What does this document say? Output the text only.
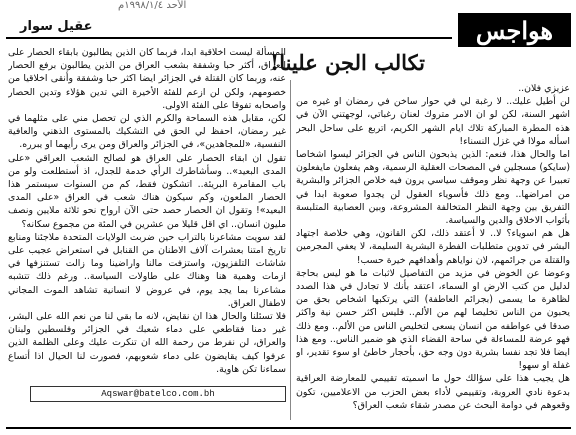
الأحد ١٩٩٨/١/٤م
هواجس
عقيل سوار
تكالب الجن علينا!

عزيزي فلان..

لن أطيل عليك.. لا رغبة لي في حوار ساخن في رمضان او غيره من اشهر السنة، لكن لو ان الامر متروك لعنان رغباتي، لوجهتني الآن في هذه المطرة المباركة تلاك ايام الشهر الكريم، اتربع على ساحل البحر اسأله مولاا في غزل النسناء!

اما والحال هذا، فنعم: الذين يذبحون الناس في الجزائر ليسوا اشخاصا (سايكو) مسجلين في المصحات العقلية الرسمية، وهم يفعلون مايفعلون تعبيرا عن وجهة نظر وموقف سياسي يرون فيه خلاص الجزائر والبشرية من امراضها.. ومع ذلك فأسوياء العقول لن يجدوا صعوبة ابدا في التفريق بين وجهة النظر المتخالفة المشروعة، وبين العصابية المتلبسة بأثواب الاخلاق والدين والسياسة.

هل هم اسوياء؟ لا.. لا أعتقد ذلك، لكن القانون، وهي خلاصة اجتهاد البشر في تدوين متطلبات الفطرة البشرية السليمة، لا يعفي المجرمين والقتلة من جرائمهم، لان نواياهم وأهدافهم خيرة حسب!

وعوضا عن الخوض في مزيد من التفاصيل لاثبات ما هو ليس بحاجة لدليل من كتب الارض او السماء، اعتقد بأنك لا تجادل في هذا الصدد لظاهرة ما يسمى (بجرائم العاطفة) التي يرتكبها اشخاص بحق من يحبون من الناس تخليصا لهم من الألم.. فليس اكثر حسن نية واكثر صدقا في عواطفه من انسان يسعى لتخليص الناس من الألم.. ومع ذلك فهو عرضة للمساءلة في ساحة القضاء الذي هو ضمير الناس.. ومع هذا ايضا فلا تجد نفسا بشرية دون وجه حق، بأحجار خاطئ او سوء تقدير، او غفلة او سهو!

هل يجيب هذا على سؤالك حول ما اسميته تقييمي للمعارضة العراقية بدعوة نادي العروبة، وتقييمي لأداء بعض الحزب من الاعلاميين، تكون وقعوهم في دوامة البحث عن مصدر شقاء شعب العراق؟

المسألة ليست اخلاقية ابدا، فربما كان الذين يطالبون بابقاء الحصار على العراق، أكثر حبا وشفقة بشعب العراق من الذين يطالبون برفع الحصار عنه، وربما كان القتلة في الجزائر ايضا اكثر حبا وشفقة وأنقى اخلاقيا من خصومهم، ولكن لن ازعم للفئة الأخيرة التي تدين هؤلاء وتدين الحصار واصحابه تفوقا على الفئة الاولى.

لكن، مقابل هذه السماحة والكرم الذي لن تحصل مني على مثلهما في غير رمضان، احفظ لي الحق في التشكيك بالمستوى الذهني والعافية النفسية، «للمجاهدين»، في الجزائر والعراق ومن يرى رأيهما او يبرره.

تقول ان ابقاء الحصار على العراق هو لصالح الشعب العراقي «على المدى البعيد».. وسأشاطرك الرأي خدمة للجدل، اذ أستطلعت ولو من باب المقامرة البريئة.. اتشكون فقط، كم من السنوات سيستمر هذا الحصار الملعون، وكم سيكون هناك شعب في العراق «على المدى البعيد»! وتقول ان الحصار حصد حتى الآن ارواح نحو ثلاثة ملايين ونصف مليون انسان.. اي اقل قليلا من عشرين في المئة من مجموع سكانه؟

لقد سويت مشاعرنا بالتراب حين ضربت الولايات المتحدة ملاجئنا ومنابع تاريخ امتنا بعشرات آلاف الاطنان من القنابل في استعراض عجيب على شاشات التلفزيون، واستزفت مالنا واراضينا وما زالت تستنزفها في ازمات وهمية هنا وهناك على طاولات السياسة.. ورغم ذلك تتشبه مشاعرنا بما يجد يوم، في عروض لا انسانية تشاهد الموت المجاني لاطفال العراق.

فلا تسئلنا والحال هذا ان نقايض، لانه ما بقي لنا من نعم الله على البشر، غير دمنا فقاطعي على دماء شعبك في الجزائر وفلسطين ولبنان والعراق، لن نفرط من رحمة الله ان تنكرت عليك وعلى الظلمة الذين عرفوا كيف يقايضون على دماء شعوبهم، فصورت لنا الحيال اذا أتساع سماءنا تكن هاوية.

Aqswar@batelco.com.bh
